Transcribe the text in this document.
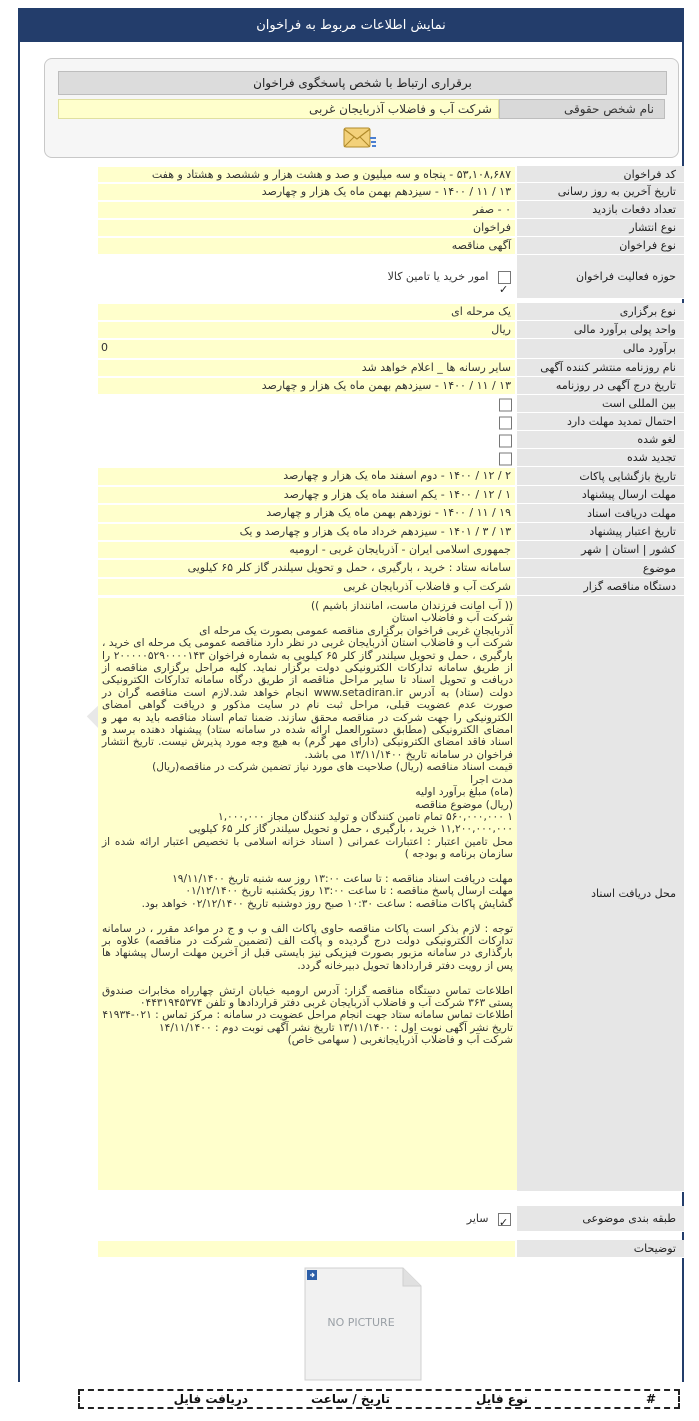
نمایش اطلاعات مربوط به فراخوان
برقراری ارتباط با شخص پاسخگوی فراخوان
نام شخص حقوقی
شرکت آب و فاضلاب آذربایجان غربی
کد فراخوان
۵۳,۱۰۸,۶۸۷ - پنجاه و سه میلیون و صد و هشت هزار و ششصد و هشتاد و هفت
تاریخ آخرین به روز رسانی
۱۳ / ۱۱ / ۱۴۰۰ - سیزدهم بهمن ماه یک هزار و چهارصد
تعداد دفعات بازدید
۰ - صفر
نوع انتشار
فراخوان
نوع فراخوان
آگهی مناقصه
حوزه فعالیت فراخوان
✓ امور خرید یا تامین کالا
نوع برگزاری
یک مرحله ای
واحد پولی برآورد مالی
ریال
برآورد مالی
0
نام روزنامه منتشر کننده آگهی
سایر رسانه ها _ اعلام خواهد شد
تاریخ درج آگهی در روزنامه
۱۳ / ۱۱ / ۱۴۰۰ - سیزدهم بهمن ماه یک هزار و چهارصد
بین المللی است
احتمال تمدید مهلت دارد
لغو شده
تجدید شده
تاریخ بازگشایی پاکات
۲ / ۱۲ / ۱۴۰۰ - دوم اسفند ماه یک هزار و چهارصد
مهلت ارسال پیشنهاد
۱ / ۱۲ / ۱۴۰۰ - یکم اسفند ماه یک هزار و چهارصد
مهلت دریافت اسناد
۱۹ / ۱۱ / ۱۴۰۰ - نوزدهم بهمن ماه یک هزار و چهارصد
تاریخ اعتبار پیشنهاد
۱۳ / ۳ / ۱۴۰۱ - سیزدهم خرداد ماه یک هزار و چهارصد و یک
کشور | استان | شهر
جمهوری اسلامی ایران - آذربایجان غربی - ارومیه
موضوع
سامانه ستاد : خرید ، بارگیری ، حمل و تحویل سیلندر گاز کلر ۶۵ کیلویی
دستگاه مناقصه گزار
شرکت آب و فاضلاب آذربایجان غربی
محل دریافت اسناد
(( آب امانت فرزندان ماست، اماننداز باشیم ))
شرکت آب و فاضلاب استان
آذربایجان غربی فراخوان برگزاری مناقصه عمومی بصورت یک مرحله ای
شرکت آب و فاضلاب استان آذربایجان غربی در نظر دارد مناقصه عمومی یک مرحله ای خرید ، بارگیری ، حمل و تحویل سیلندر گاز کلر ۶۵ کیلویی به شماره فراخوان ۲۰۰۰۰۰۵۲۹۰۰۰۰۱۴۳ را از طریق سامانه تدارکات الکترونیکی دولت برگزار نماید. کلیه مراحل برگزاری مناقصه از دریافت و تحویل اسناد تا سایر مراحل مناقصه از طریق درگاه سامانه تدارکات الکترونیکی دولت (ستاد) به آدرس www.setadiran.ir انجام خواهد شد.لازم است مناقصه گران در صورت عدم عضویت قبلی، مراحل ثبت نام در سایت مذکور و دریافت گواهی امضای الکترونیکی را جهت شرکت در مناقصه محقق سازند. ضمنا تمام اسناد مناقصه باید به مهر و امضای الکترونیکی (مطابق دستورالعمل ارائه شده در سامانه ستاد) پیشنهاد دهنده برسد و اسناد فاقد امضای الکترونیکی (دارای مهر گرم) به هیچ وجه مورد پذیرش نیست. تاریخ انتشار فراخوان در سامانه تاریخ ۱۳/۱۱/۱۴۰۰ می باشد.
قیمت اسناد مناقصه (ریال) صلاحیت های مورد نیاز تضمین شرکت در مناقصه(ریال)
مدت اجرا
(ماه) مبلغ برآورد اولیه
(ریال) موضوع مناقصه
۱ ۵۶۰,۰۰۰,۰۰۰ تمام تامین کنندگان و تولید کنندگان مجاز ۱,۰۰۰,۰۰۰
۱۱,۲۰۰,۰۰۰,۰۰۰ خرید ، بارگیری ، حمل و تحویل سیلندر گاز کلر ۶۵ کیلویی
محل تامین اعتبار : اعتبارات عمرانی ( اسناد خزانه اسلامی با تخصیص اعتبار ارائه شده از سازمان برنامه و بودجه )

مهلت دریافت اسناد مناقصه : تا ساعت ۱۳:۰۰ روز سه شنبه تاریخ ۱۹/۱۱/۱۴۰۰
مهلت ارسال پاسخ مناقصه : تا ساعت ۱۳:۰۰ روز یکشنبه تاریخ ۰۱/۱۲/۱۴۰۰
گشایش پاکات مناقصه : ساعت ۱۰:۳۰ صبح روز دوشنبه تاریخ ۰۲/۱۲/۱۴۰۰ خواهد بود.

توجه : لازم بذکر است پاکات مناقصه حاوی پاکات الف و ب و ج در مواعد مقرر ، در سامانه تدارکات الکترونیکی دولت درج گردیده و پاکت الف (تضمین شرکت در مناقصه) علاوه بر بارگذاری در سامانه مزبور بصورت فیزیکی نیز بایستی قبل از آخرین مهلت ارسال پیشنهاد ها پس از رویت دفتر قراردادها تحویل دبیرخانه گردد.

اطلاعات تماس دستگاه مناقصه گزار: آدرس ارومیه خیابان ارتش چهارراه مخابرات صندوق پستی ۳۶۳ شرکت آب و فاضلاب آذربایجان غربی دفتر قراردادها و تلفن ۰۴۴۳۱۹۴۵۳۷۴
اطلاعات تماس سامانه ستاد جهت انجام مراحل عضویت در سامانه : مرکز تماس : ۰۲۱-۴۱۹۳۴
تاریخ نشر آگهی نوبت اول : ۱۳/۱۱/۱۴۰۰ تاریخ نشر آگهی نوبت دوم : ۱۴/۱۱/۱۴۰۰
شرکت آب و فاضلاب آذربایجانغربی ( سهامی خاص)
طبقه بندی موضوعی
✓ سایر
توضیحات
NO PICTURE
#
نوع فایل
تاریخ / ساعت
دریافت فایل
